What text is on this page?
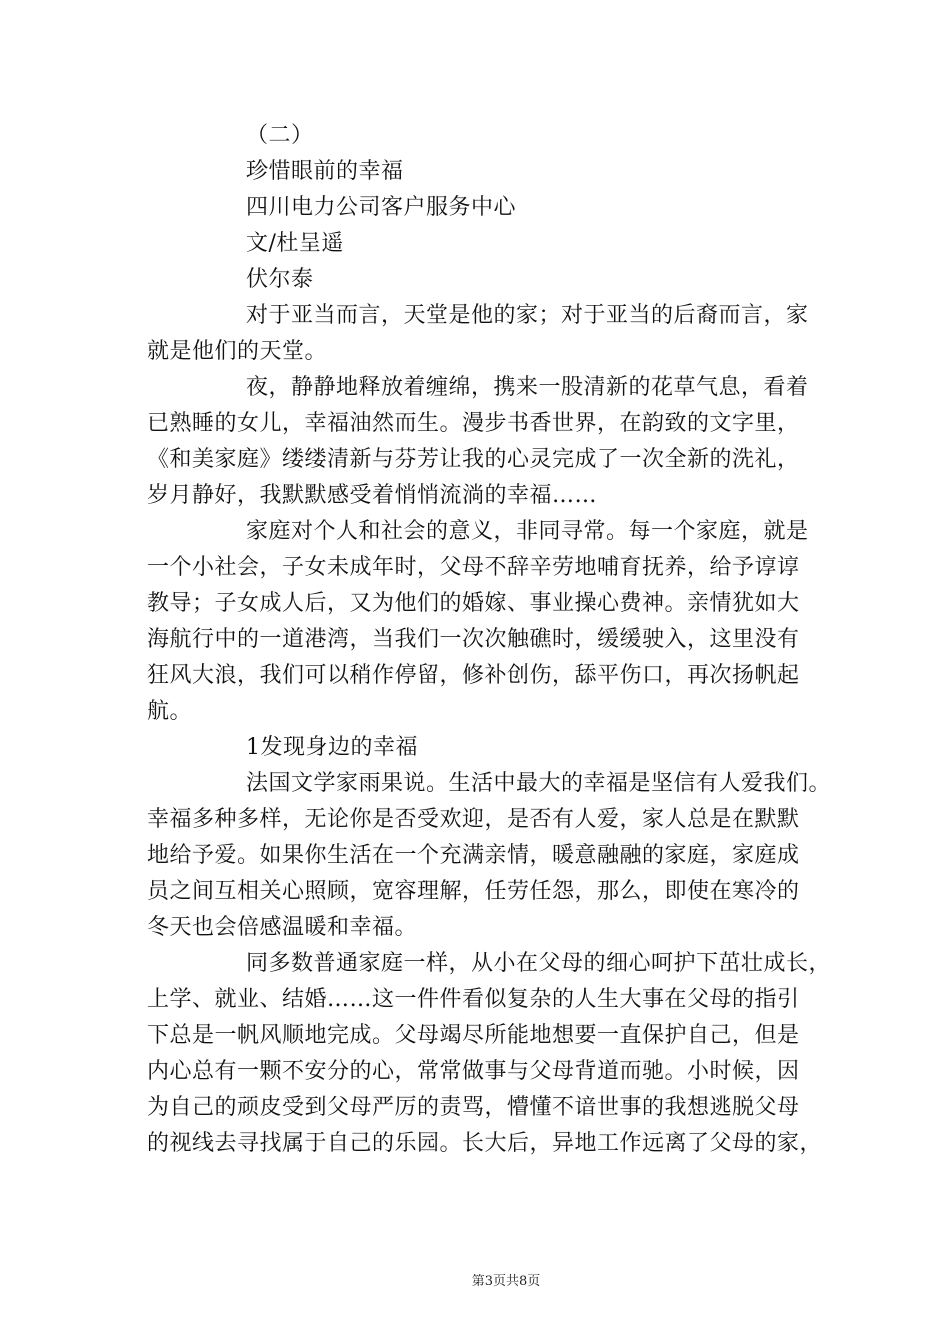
（二）
珍惜眼前的幸福
四川电力公司客户服务中心
文/杜呈遥
伏尔泰
对于亚当而言，天堂是他的家；对于亚当的后裔而言，家
就是他们的天堂。
夜，静静地释放着缠绵，携来一股清新的花草气息，看着
已熟睡的女儿，幸福油然而生。漫步书香世界，在韵致的文字里，
《和美家庭》缕缕清新与芬芳让我的心灵完成了一次全新的洗礼，
岁月静好，我默默感受着悄悄流淌的幸福……
家庭对个人和社会的意义，非同寻常。每一个家庭，就是
一个小社会，子女未成年时，父母不辞辛劳地哺育抚养，给予谆谆
教导；子女成人后，又为他们的婚嫁、事业操心费神。亲情犹如大
海航行中的一道港湾，当我们一次次触礁时，缓缓驶入，这里没有
狂风大浪，我们可以稍作停留，修补创伤，舔平伤口，再次扬帆起
航。
1发现身边的幸福
法国文学家雨果说。生活中最大的幸福是坚信有人爱我们。
幸福多种多样，无论你是否受欢迎，是否有人爱，家人总是在默默
地给予爱。如果你生活在一个充满亲情，暖意融融的家庭，家庭成
员之间互相关心照顾，宽容理解，任劳任怨，那么，即使在寒冷的
冬天也会倍感温暖和幸福。
同多数普通家庭一样，从小在父母的细心呵护下茁壮成长，
上学、就业、结婚……这一件件看似复杂的人生大事在父母的指引
下总是一帆风顺地完成。父母竭尽所能地想要一直保护自己，但是
内心总有一颗不安分的心，常常做事与父母背道而驰。小时候，因
为自己的顽皮受到父母严厉的责骂，懵懂不谙世事的我想逃脱父母
的视线去寻找属于自己的乐园。长大后，异地工作远离了父母的家，
第3页共8页
